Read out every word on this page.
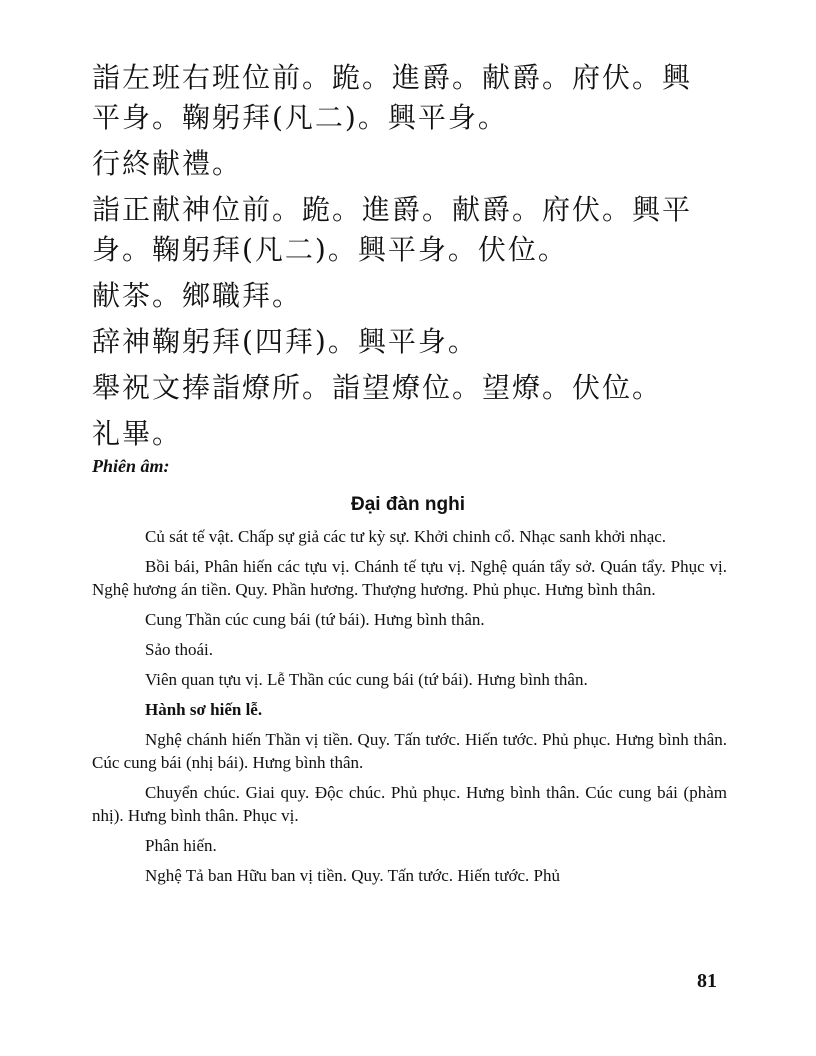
詣左班右班位前。跪。進爵。献爵。府伏。興

平身。鞠躬拜(凡二)。興平身。

行終献禮。

詣正献神位前。跪。進爵。献爵。府伏。興平

身。鞠躬拜(凡二)。興平身。伏位。

献茶。鄉職拜。

辞神鞠躬拜(四拜)。興平身。

舉祝文捧詣燎所。詣望燎位。望燎。伏位。

礼畢。

Phiên âm:
Đại đàn nghi

Củ sát tế vật. Chấp sự giả các tư kỳ sự. Khởi chinh cổ. Nhạc sanh khởi nhạc.

Bồi bái, Phân hiến các tựu vị. Chánh tế tựu vị. Nghệ quán tẩy sở. Quán tẩy. Phục vị. Nghệ hương án tiền. Quy. Phần hương. Thượng hương. Phủ phục. Hưng bình thân.

Cung Thần cúc cung bái (tứ bái). Hưng bình thân.

Sảo thoái.

Viên quan tựu vị. Lễ Thần cúc cung bái (tứ bái). Hưng bình thân.

Hành sơ hiến lễ.

Nghệ chánh hiến Thần vị tiền. Quy. Tấn tước. Hiến tước. Phủ phục. Hưng bình thân. Cúc cung bái (nhị bái). Hưng bình thân.

Chuyển chúc. Giai quy. Độc chúc. Phủ phục. Hưng bình thân. Cúc cung bái (phàm nhị). Hưng bình thân. Phục vị.

Phân hiến.

Nghệ Tả ban Hữu ban vị tiền. Quy. Tấn tước. Hiến tước. Phủ

81
